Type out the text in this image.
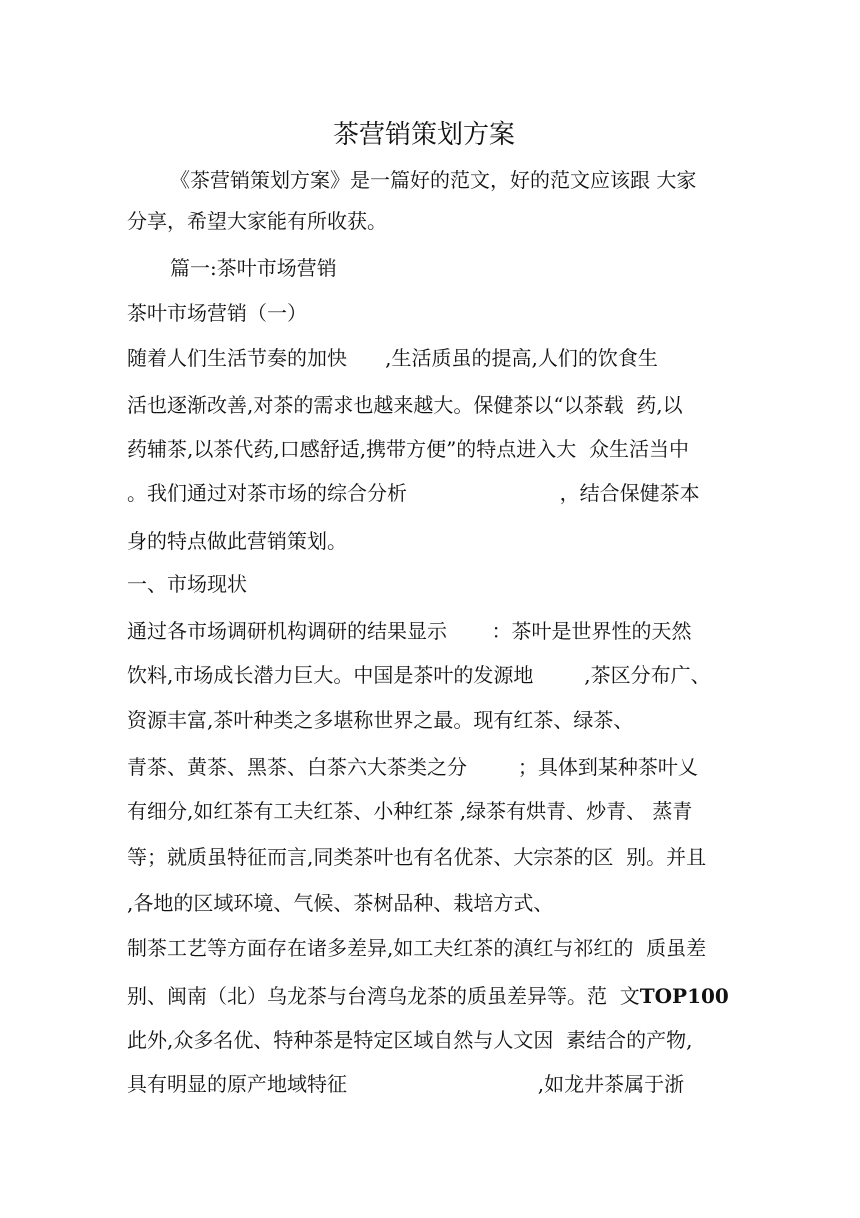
茶营销策划方案
《茶营销策划方案》是一篇好的范文，好的范文应该跟 大家
分享，希望大家能有所收获。
篇一:茶叶市场营销
茶叶市场营销（一）
随着人们生活节奏的加快      ,生活质虽的提高,人们的饮食生
活也逐渐改善,对茶的需求也越来越大。保健茶以“以茶载  药,以
药辅茶,以茶代药,口感舒适,携带方便”的特点进入大  众生活当中
。我们通过对茶市场的综合分析                        ，结合保健茶本
身的特点做此营销策划。
一、市场现状
通过各市场调研机构调研的结果显示       ：茶叶是世界性的天然
饮料,市场成长潜力巨大。中国是茶叶的发源地        ,茶区分布广、
资源丰富,茶叶种类之多堪称世界之最。现有红茶、绿茶、
青茶、黄茶、黑茶、白茶六大茶类之分        ；具体到某种茶叶乂
有细分,如红茶有工夫红茶、小种红茶 ,绿茶有烘青、炒青、 蒸青
等；就质虽特征而言,同类茶叶也有名优茶、大宗茶的区  别。并且
,各地的区域环境、气候、茶树品种、栽培方式、
制茶工艺等方面存在诸多差异,如工夫红茶的滇红与祁红的  质虽差
别、闽南（北）乌龙茶与台湾乌龙茶的质虽差异等。范  文TOP100
此外,众多名优、特种茶是特定区域自然与人文因  素结合的产物,
具有明显的原产地域特征                              ,如龙井茶属于浙
